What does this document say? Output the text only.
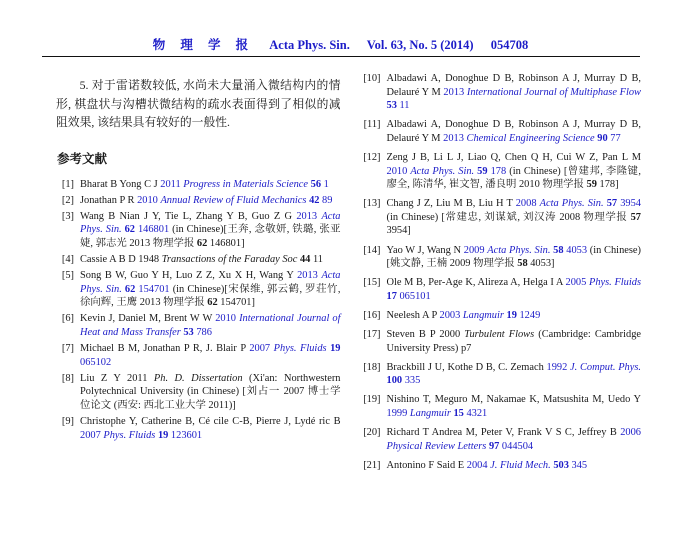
物 理 学 报 Acta Phys. Sin. Vol. 63, No. 5 (2014) 054708

5. 对于雷诺数较低, 水尚未大量涌入微结构内的情形, 棋盘状与沟槽状微结构的疏水表面得到了相似的减阻效果, 该结果具有较好的一般性.

参考文献
[1] Bharat B Yong C J 2011 Progress in Materials Science 56 1
[2] Jonathan P R 2010 Annual Review of Fluid Mechanics 42 89
[3] Wang B Nian J Y, Tie L, Zhang Y B, Guo Z G 2013 Acta Phys. Sin. 62 146801 (in Chinese)[王奔, 念敬妍, 铁璐, 张亚婕, 郭志光 2013 物理学报 62 146801]
[4] Cassie A B D 1948 Transactions of the Faraday Soc 44 11
[5] Song B W, Guo Y H, Luo Z Z, Xu X H, Wang Y 2013 Acta Phys. Sin. 62 154701 (in Chinese)[宋保维, 郭云鹤, 罗荘竹, 徐向辉, 王鹰 2013 物理学报 62 154701]
[6] Kevin J, Daniel M, Brent W W 2010 International Journal of Heat and Mass Transfer 53 786
[7] Michael B M, Jonathan P R, J. Blair P 2007 Phys. Fluids 19 065102
[8] Liu Z Y 2011 Ph. D. Dissertation (Xi'an: Northwestern Polytechnical University (in Chinese) [刘占一 2007 博士学位论文 (西安: 西北工业大学 2011)]
[9] Christophe Y, Catherine B, Cé cile C-B, Pierre J, Lydé ric B 2007 Phys. Fluids 19 123601
[10] Albadawi A, Donoghue D B, Robinson A J, Murray D B, Delauré Y M 2013 International Journal of Multiphase Flow 53 11
[11] Albadawi A, Donoghue D B, Robinson A J, Murray D B, Delauré Y M 2013 Chemical Engineering Science 90 77
[12] Zeng J B, Li L J, Liao Q, Chen Q H, Cui W Z, Pan L M 2010 Acta Phys. Sin. 59 178 (in Chinese) [曾建邦, 李隆键, 廖全, 陈清华, 崔文智, 潘良明 2010 物理学报 59 178]
[13] Chang J Z, Liu M B, Liu H T 2008 Acta Phys. Sin. 57 3954 (in Chinese) [常建忠, 刘谋斌, 刘汉涛 2008 物理学报 57 3954]
[14] Yao W J, Wang N 2009 Acta Phys. Sin. 58 4053 (in Chinese) [姚文静, 王楠 2009 物理学报 58 4053]
[15] Ole M B, Per-Age K, Alireza A, Helga I A 2005 Phys. Fluids 17 065101
[16] Neelesh A P 2003 Langmuir 19 1249
[17] Steven B P 2000 Turbulent Flows (Cambridge: Cambridge University Press) p7
[18] Brackbill J U, Kothe D B, C. Zemach 1992 J. Comput. Phys. 100 335
[19] Nishino T, Meguro M, Nakamae K, Matsushita M, Uedo Y 1999 Langmuir 15 4321
[20] Richard T Andrea M, Peter V, Frank V S C, Jeffrey B 2006 Physical Review Letters 97 044504
[21] Antonino F Said E 2004 J. Fluid Mech. 503 345
